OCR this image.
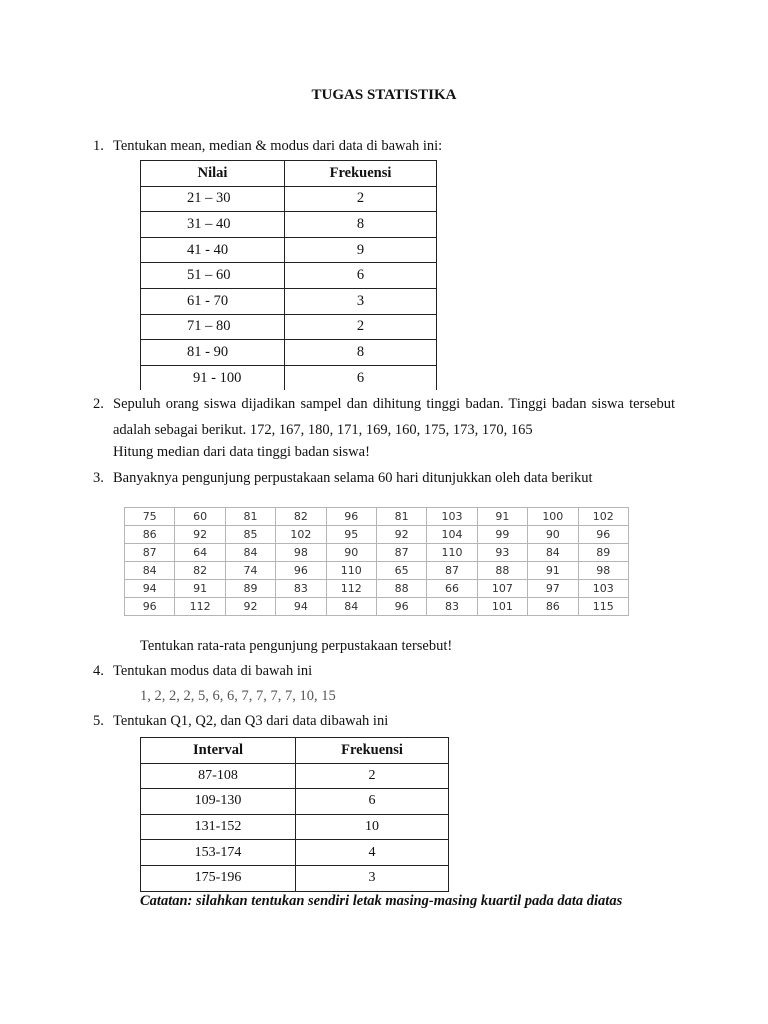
TUGAS STATISTIKA
1. Tentukan mean, median & modus dari data di bawah ini:
Nilai	Frekuensi
21 – 30	2
31 – 40	8
41 - 40	9
51 – 60	6
61 - 70	3
71 – 80	2
81 - 90	8
91 - 100	6
2. Sepuluh orang siswa dijadikan sampel dan dihitung tinggi badan. Tinggi badan siswa tersebut adalah sebagai berikut. 172, 167, 180, 171, 169, 160, 175, 173, 170, 165
Hitung median dari data tinggi badan siswa!
3. Banyaknya pengunjung perpustakaan selama 60 hari ditunjukkan oleh data berikut
75	60	81	82	96	81	103	91	100	102
86	92	85	102	95	92	104	99	90	96
87	64	84	98	90	87	110	93	84	89
84	82	74	96	110	65	87	88	91	98
94	91	89	83	112	88	66	107	97	103
96	112	92	94	84	96	83	101	86	115
Tentukan rata-rata pengunjung perpustakaan tersebut!
4. Tentukan modus data di bawah ini
1, 2, 2, 2, 5, 6, 6, 7, 7, 7, 7, 10, 15
5. Tentukan Q1, Q2, dan Q3 dari data dibawah ini
Interval	Frekuensi
87-108	2
109-130	6
131-152	10
153-174	4
175-196	3
Catatan: silahkan tentukan sendiri letak masing-masing kuartil pada data diatas
